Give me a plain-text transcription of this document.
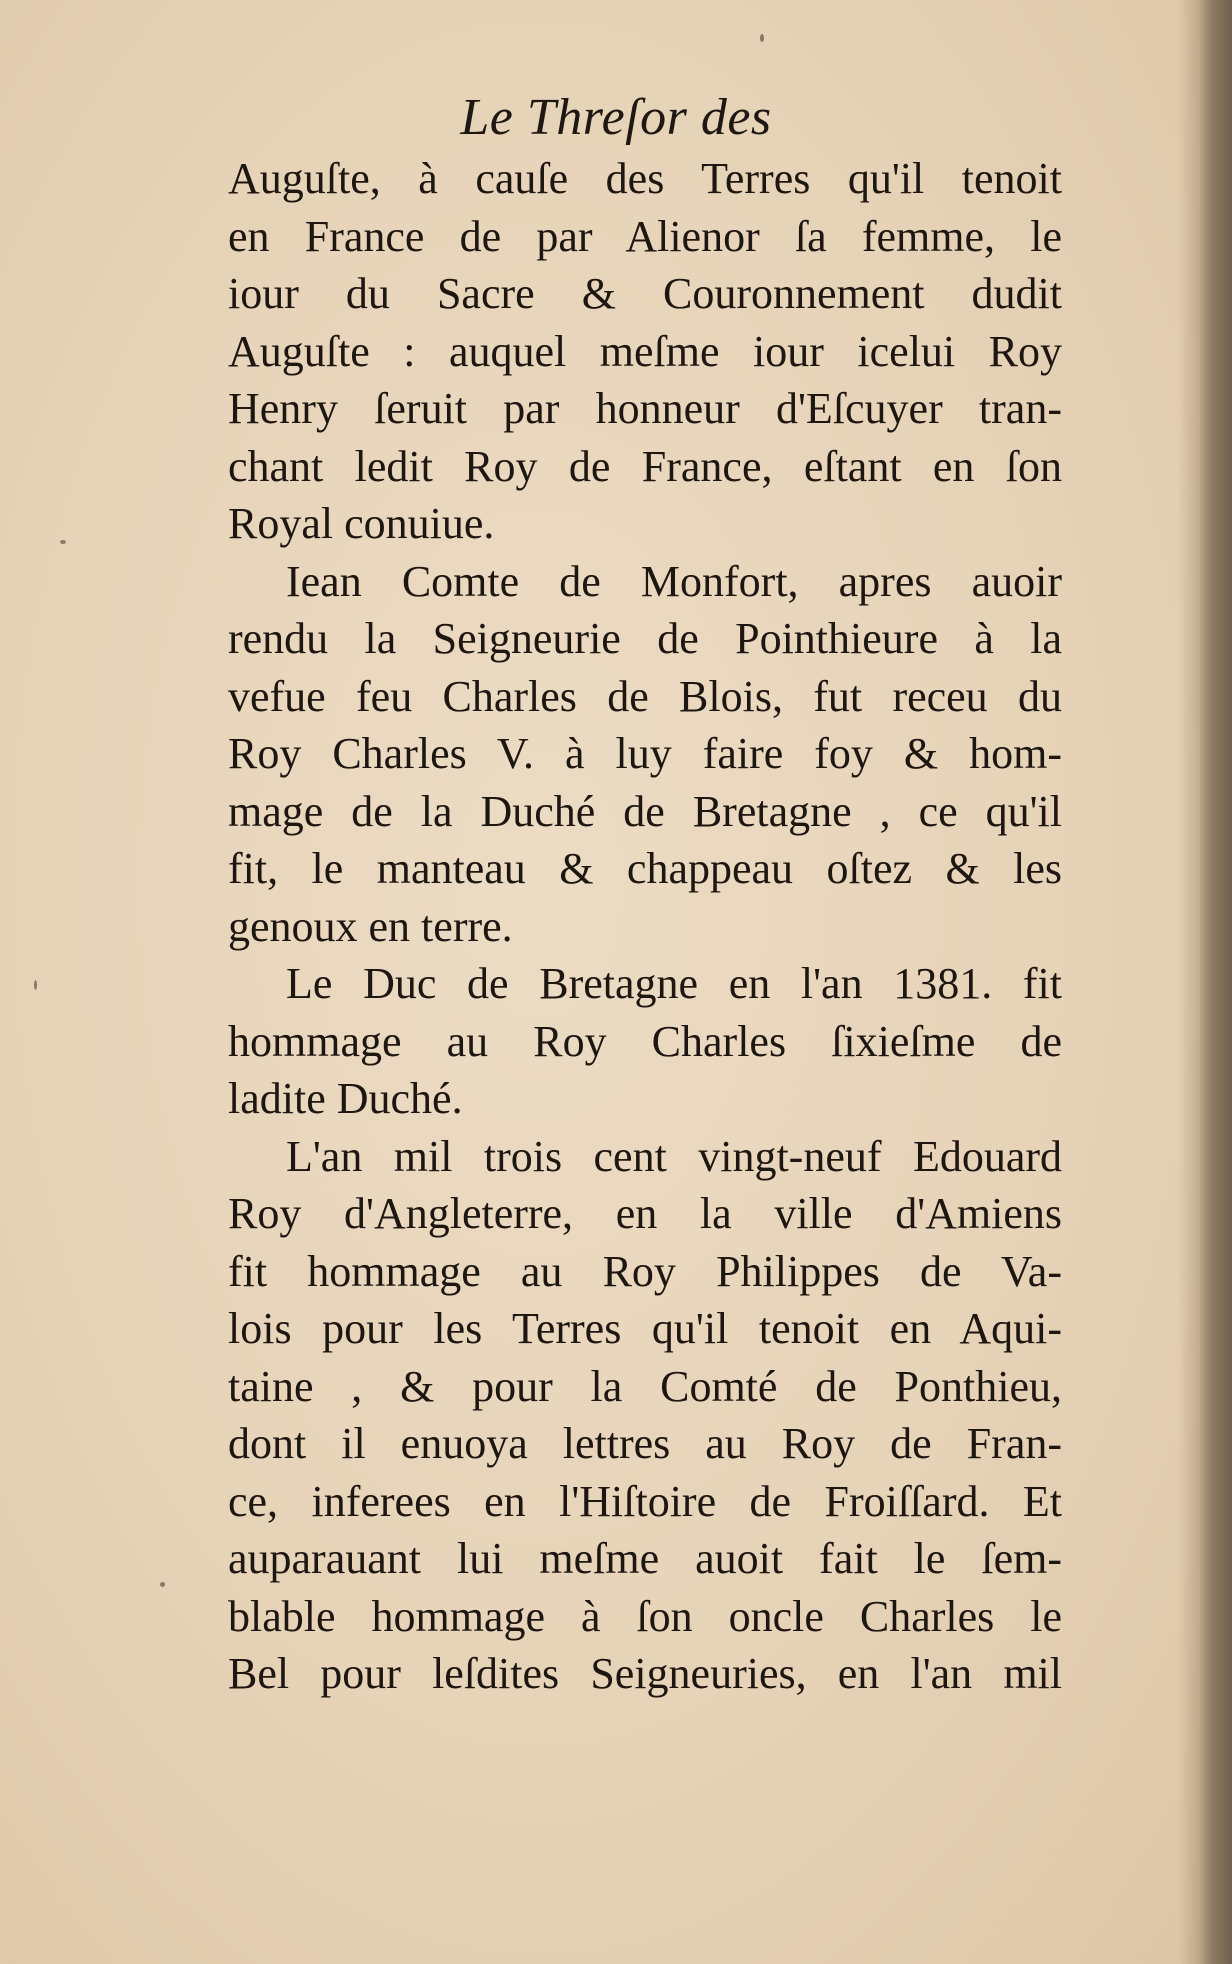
Le Threſor des
Auguſte, à cauſe des Terres qu'il tenoit
en France de par Alienor ſa femme, le
iour du Sacre & Couronnement dudit
Auguſte : auquel meſme iour icelui Roy
Henry ſeruit par honneur d'Eſcuyer tran-
chant ledit Roy de France, eſtant en ſon
Royal conuiue.
Iean Comte de Monfort, apres auoir
rendu la Seigneurie de Pointhieure à la
vefue feu Charles de Blois, fut receu du
Roy Charles V. à luy faire foy & hom-
mage de la Duché de Bretagne , ce qu'il
fit, le manteau & chappeau oſtez & les
genoux en terre.
Le Duc de Bretagne en l'an 1381. fit
hommage au Roy Charles ſixieſme de
ladite Duché.
L'an mil trois cent vingt-neuf Edouard
Roy d'Angleterre, en la ville d'Amiens
fit hommage au Roy Philippes de Va-
lois pour les Terres qu'il tenoit en Aqui-
taine , & pour la Comté de Ponthieu,
dont il enuoya lettres au Roy de Fran-
ce, inferees en l'Hiſtoire de Froiſſard. Et
auparauant lui meſme auoit fait le ſem-
blable hommage à ſon oncle Charles le
Bel pour leſdites Seigneuries, en l'an mil
